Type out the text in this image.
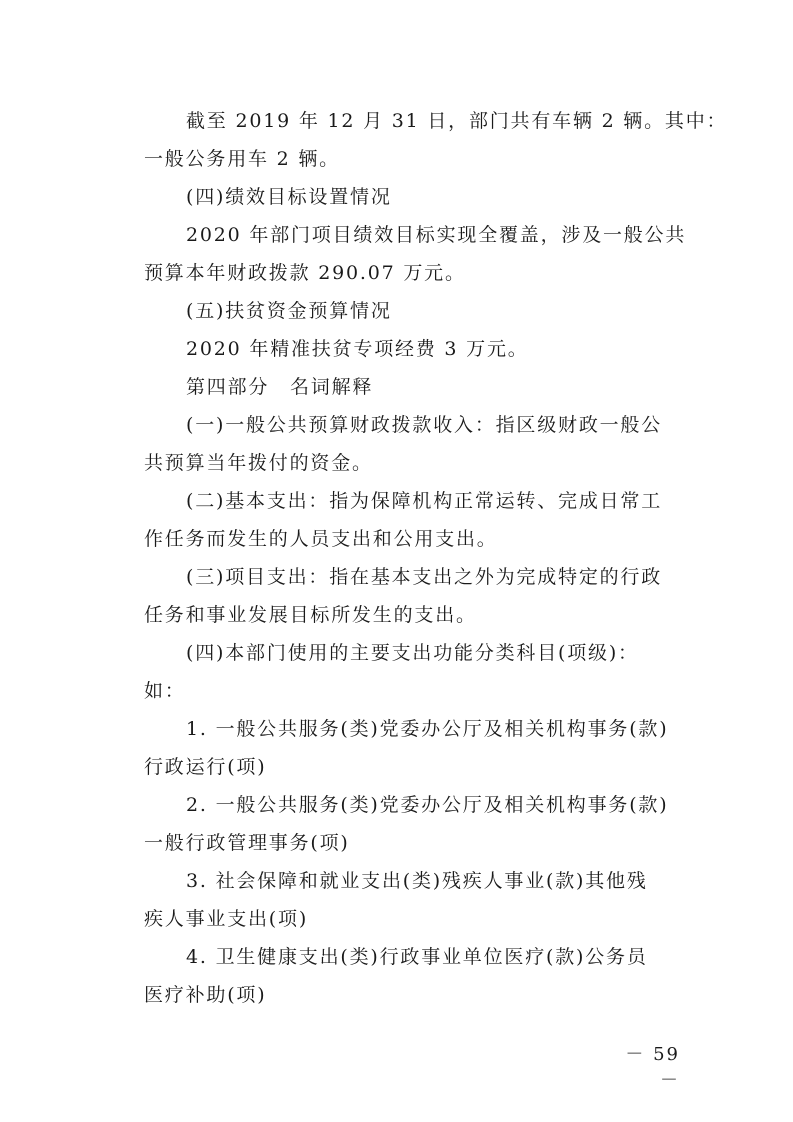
截至 2019 年 12 月 31 日，部门共有车辆 2 辆。其中：
一般公务用车 2 辆。
(四)绩效目标设置情况
2020 年部门项目绩效目标实现全覆盖，涉及一般公共
预算本年财政拨款 290.07 万元。
(五)扶贫资金预算情况
2020 年精准扶贫专项经费 3 万元。
第四部分　名词解释
(一)一般公共预算财政拨款收入：指区级财政一般公
共预算当年拨付的资金。
(二)基本支出：指为保障机构正常运转、完成日常工
作任务而发生的人员支出和公用支出。
(三)项目支出：指在基本支出之外为完成特定的行政
任务和事业发展目标所发生的支出。
(四)本部门使用的主要支出功能分类科目(项级)：
如：
1. 一般公共服务(类)党委办公厅及相关机构事务(款)
行政运行(项)
2. 一般公共服务(类)党委办公厅及相关机构事务(款)
一般行政管理事务(项)
3. 社会保障和就业支出(类)残疾人事业(款)其他残
疾人事业支出(项)
4. 卫生健康支出(类)行政事业单位医疗(款)公务员
医疗补助(项)
－ 59 －
